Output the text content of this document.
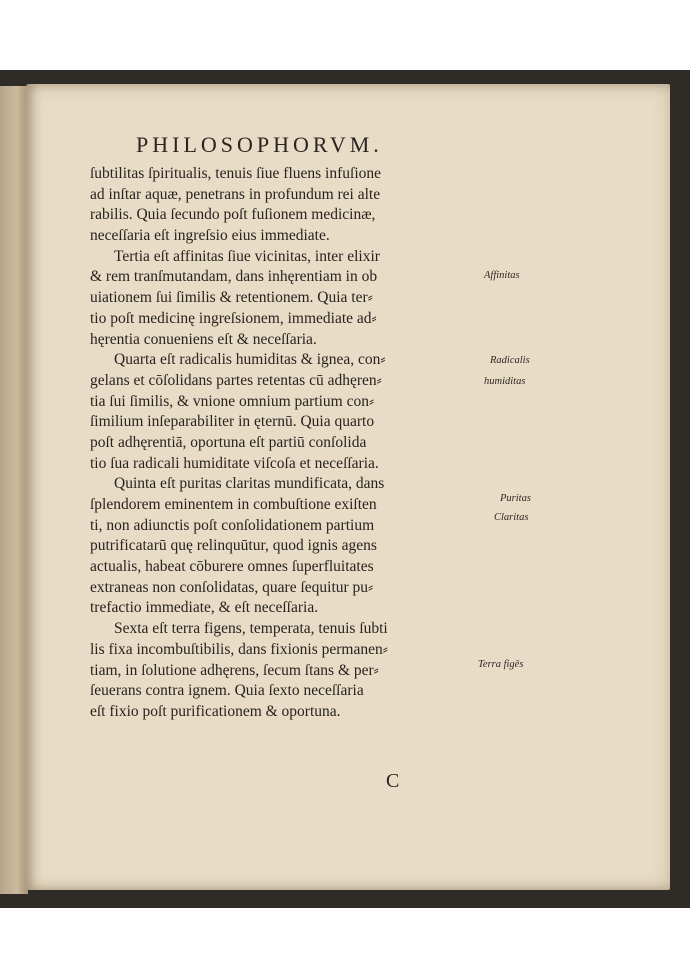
PHILOSOPHORVM.
ſubtilitas ſpiritualis, tenuis ſiue fluens infuſione
ad inſtar aquæ, penetrans in profundum rei alte
rabilis. Quia ſecundo poſt fuſionem medicinæ,
neceſſaria eſt ingreſsio eius immediate.
Tertia eſt affinitas ſiue vicinitas, inter elixir
& rem tranſmutandam, dans inhęrentiam in ob
uiationem ſui ſimilis & retentionem. Quia ter⸗
tio poſt medicinę ingreſsionem, immediate ad⸗
hęrentia conueniens eſt & neceſſaria.
Quarta eſt radicalis humiditas & ignea, con⸗
gelans et cōſolidans partes retentas cū adhęren⸗
tia ſui ſimilis, & vnione omnium partium con⸗
ſimilium inſeparabiliter in ęternū. Quia quarto
poſt adhęrentiā, oportuna eſt partiū conſolida
tio ſua radicali humiditate viſcoſa et neceſſaria.
Quinta eſt puritas claritas mundificata, dans
ſplendorem eminentem in combuſtione exiſten
ti, non adiunctis poſt conſolidationem partium
putrificatarū quę relinquūtur, quod ignis agens
actualis, habeat cōburere omnes ſuperfluitates
extraneas non conſolidatas, quare ſequitur pu⸗
trefactio immediate, & eſt neceſſaria.
Sexta eſt terra figens, temperata, tenuis ſubti
lis fixa incombuſtibilis, dans fixionis permanen⸗
tiam, in ſolutione adhęrens, ſecum ſtans & per⸗
ſeuerans contra ignem. Quia ſexto neceſſaria
eſt fixio poſt purificationem & oportuna.
Affinitas
Radicalis
humiditas
Puritas
Claritas
Terra figēs
C
